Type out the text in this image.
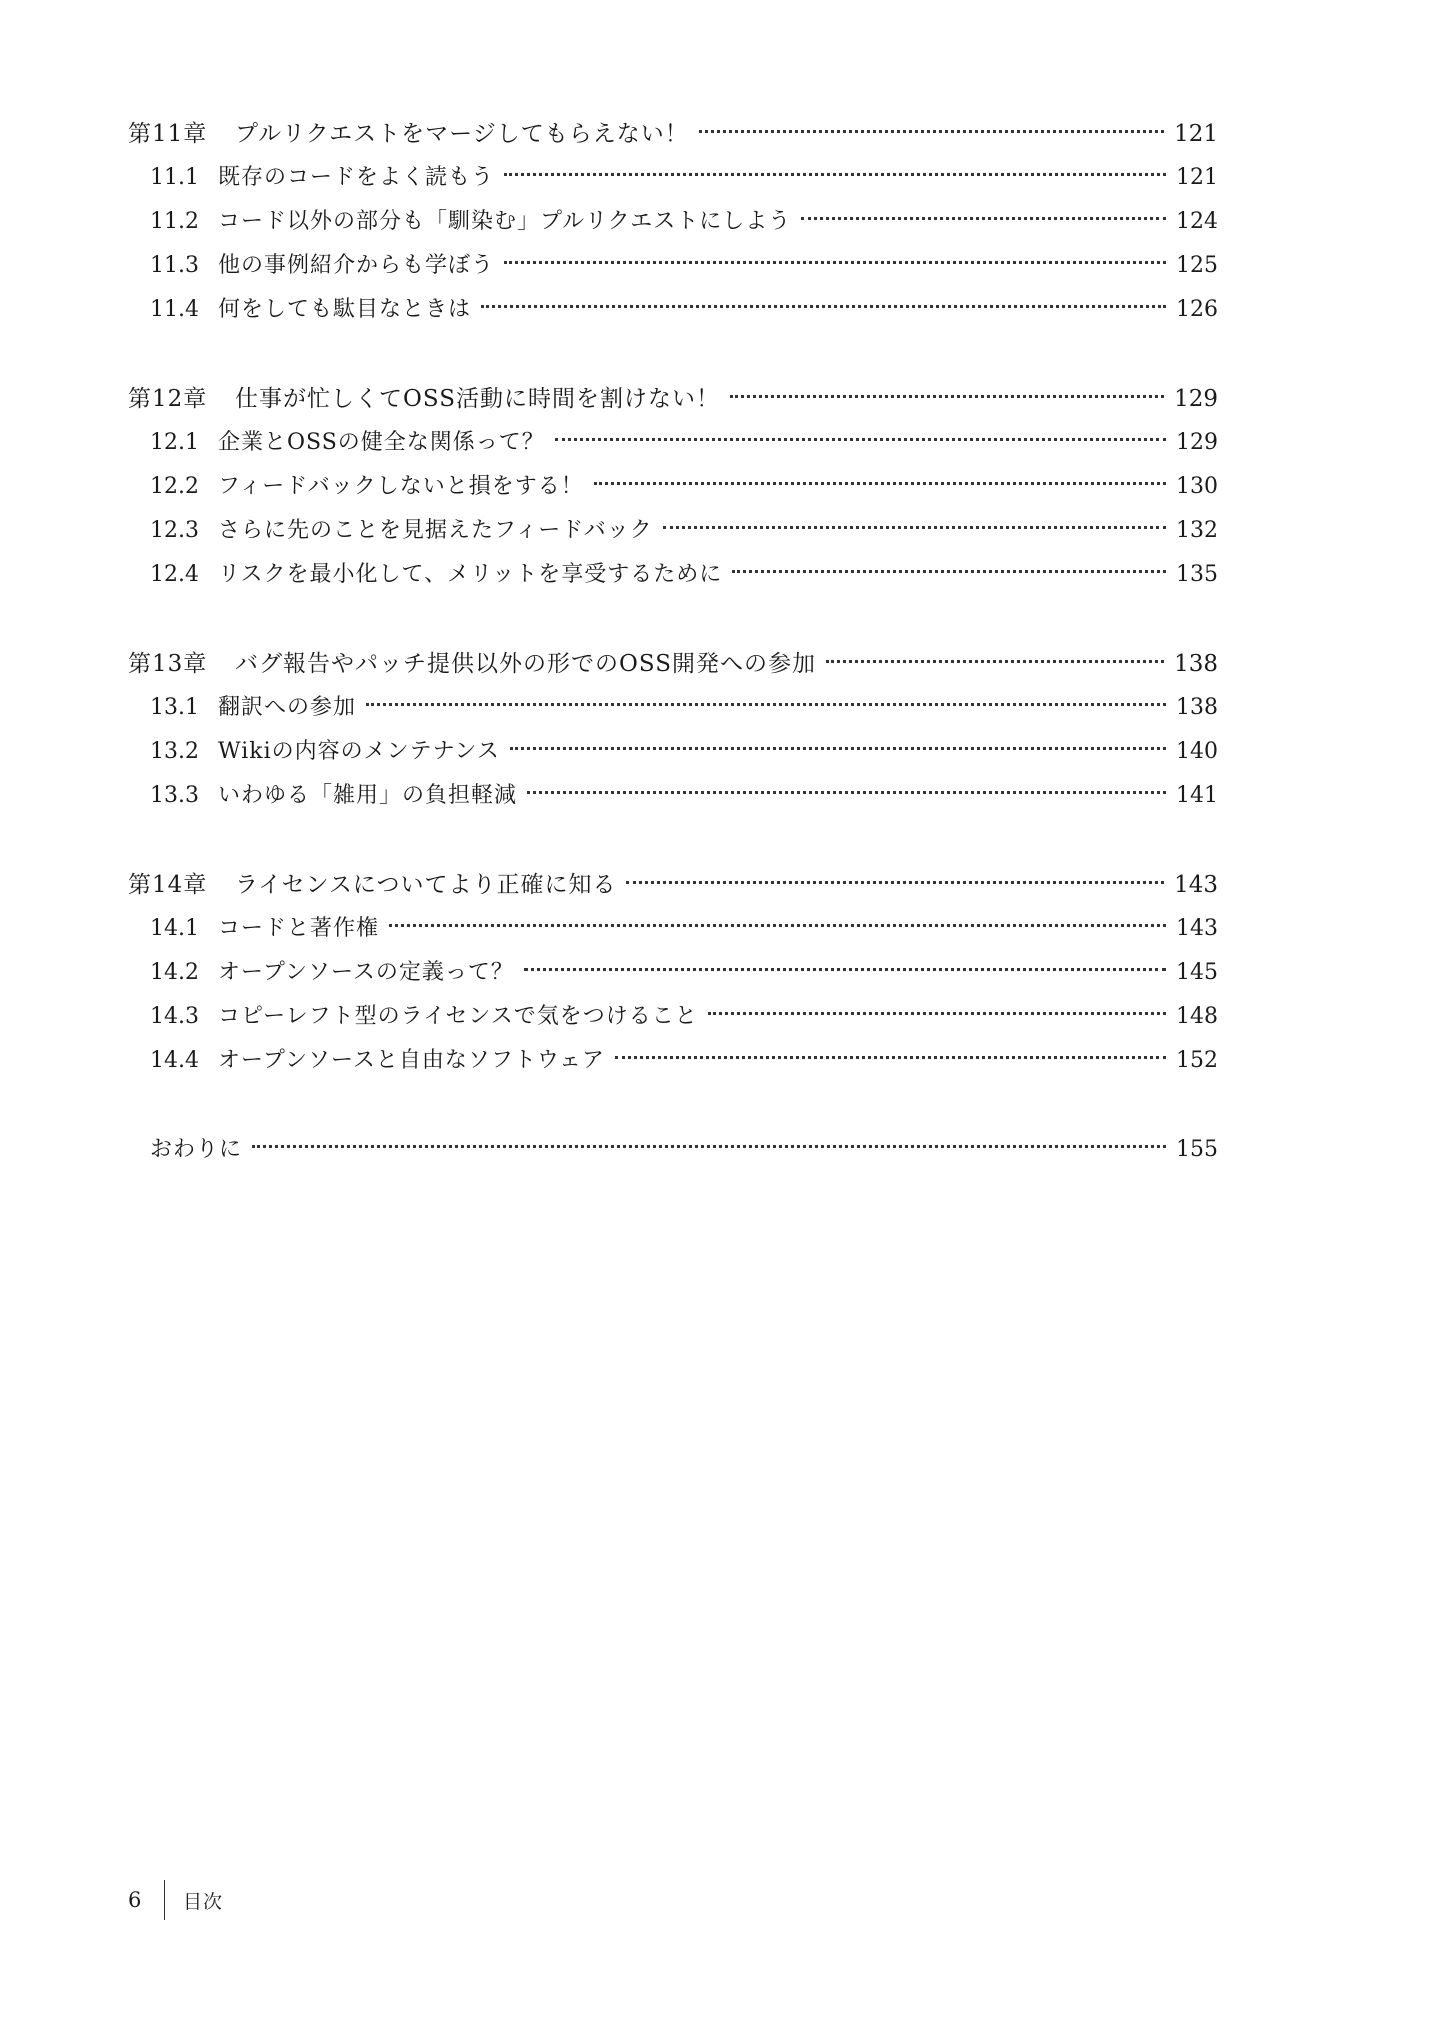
第11章	プルリクエストをマージしてもらえない！	121
11.1 既存のコードをよく読もう	121
11.2 コード以外の部分も「馴染む」プルリクエストにしよう	124
11.3 他の事例紹介からも学ぼう	125
11.4 何をしても駄目なときは	126
第12章	仕事が忙しくてOSS活動に時間を割けない！	129
12.1 企業とOSSの健全な関係って？	129
12.2 フィードバックしないと損をする！	130
12.3 さらに先のことを見据えたフィードバック	132
12.4 リスクを最小化して、メリットを享受するために	135
第13章	バグ報告やパッチ提供以外の形でのOSS開発への参加	138
13.1 翻訳への参加	138
13.2 Wikiの内容のメンテナンス	140
13.3 いわゆる「雑用」の負担軽減	141
第14章	ライセンスについてより正確に知る	143
14.1 コードと著作権	143
14.2 オープンソースの定義って？	145
14.3 コピーレフト型のライセンスで気をつけること	148
14.4 オープンソースと自由なソフトウェア	152
おわりに	155
6	目次
